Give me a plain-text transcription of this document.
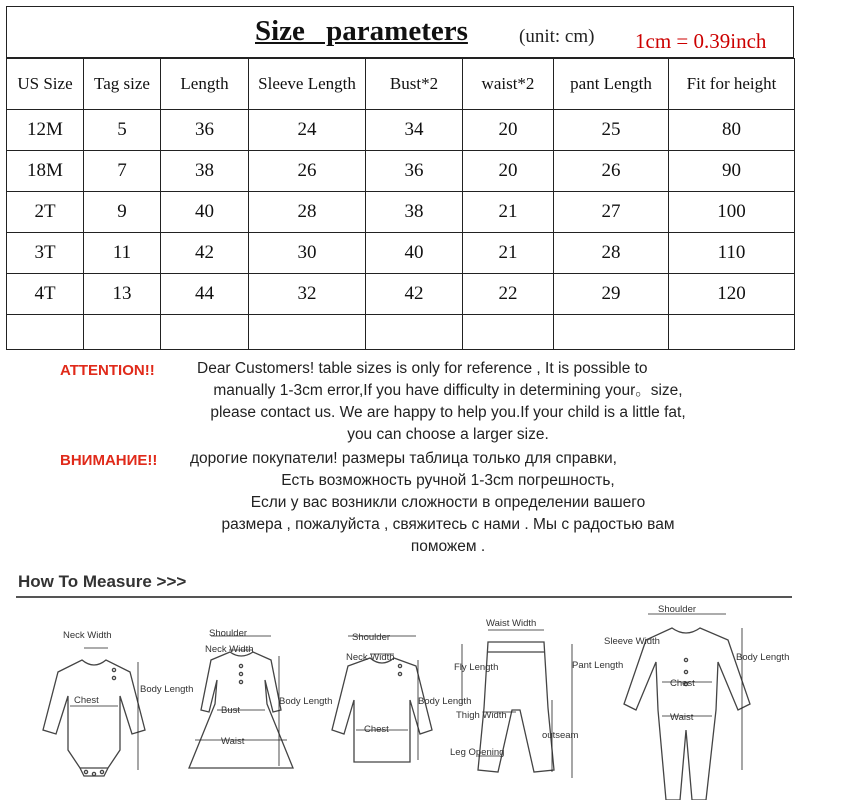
Size parameters	(unit: cm) 1cm = 0.39inch
US Size	Tag size	Length	Sleeve Length	Bust*2	waist*2	pant Length	Fit for height
12M	5	36	24	34	20	25	80
18M	7	38	26	36	20	26	90
2T	9	40	28	38	21	27	100
3T	11	42	30	40	21	28	110
4T	13	44	32	42	22	29	120

ATTENTION!!	Dear Customers! table sizes is only for reference , It is possible to
manually 1-3cm error,If you have difficulty in determining your。size,
please contact us. We are happy to help you.If your child is a little fat,
you can choose a larger size.
ВНИМАНИЕ!! дорогие покупатели! размеры таблица только для справки,
Есть возможность ручной 1-3cm погрешность,
Если у вас возникли сложности в определении вашего
размера , пожалуйста , свяжитесь с нами . Мы с радостью вам
поможем .
How To Measure >>>
Neck Width
Chest
Body Length
Shoulder
Neck Width
Bust
Waist
Body Length
Shoulder
Neck Width
Chest
Body Length
Waist Width
Fly Length	Pant Length
Thigh Width
Leg Opening
outseam
Shoulder
Sleeve Width
Chest
Waist
Body Length
